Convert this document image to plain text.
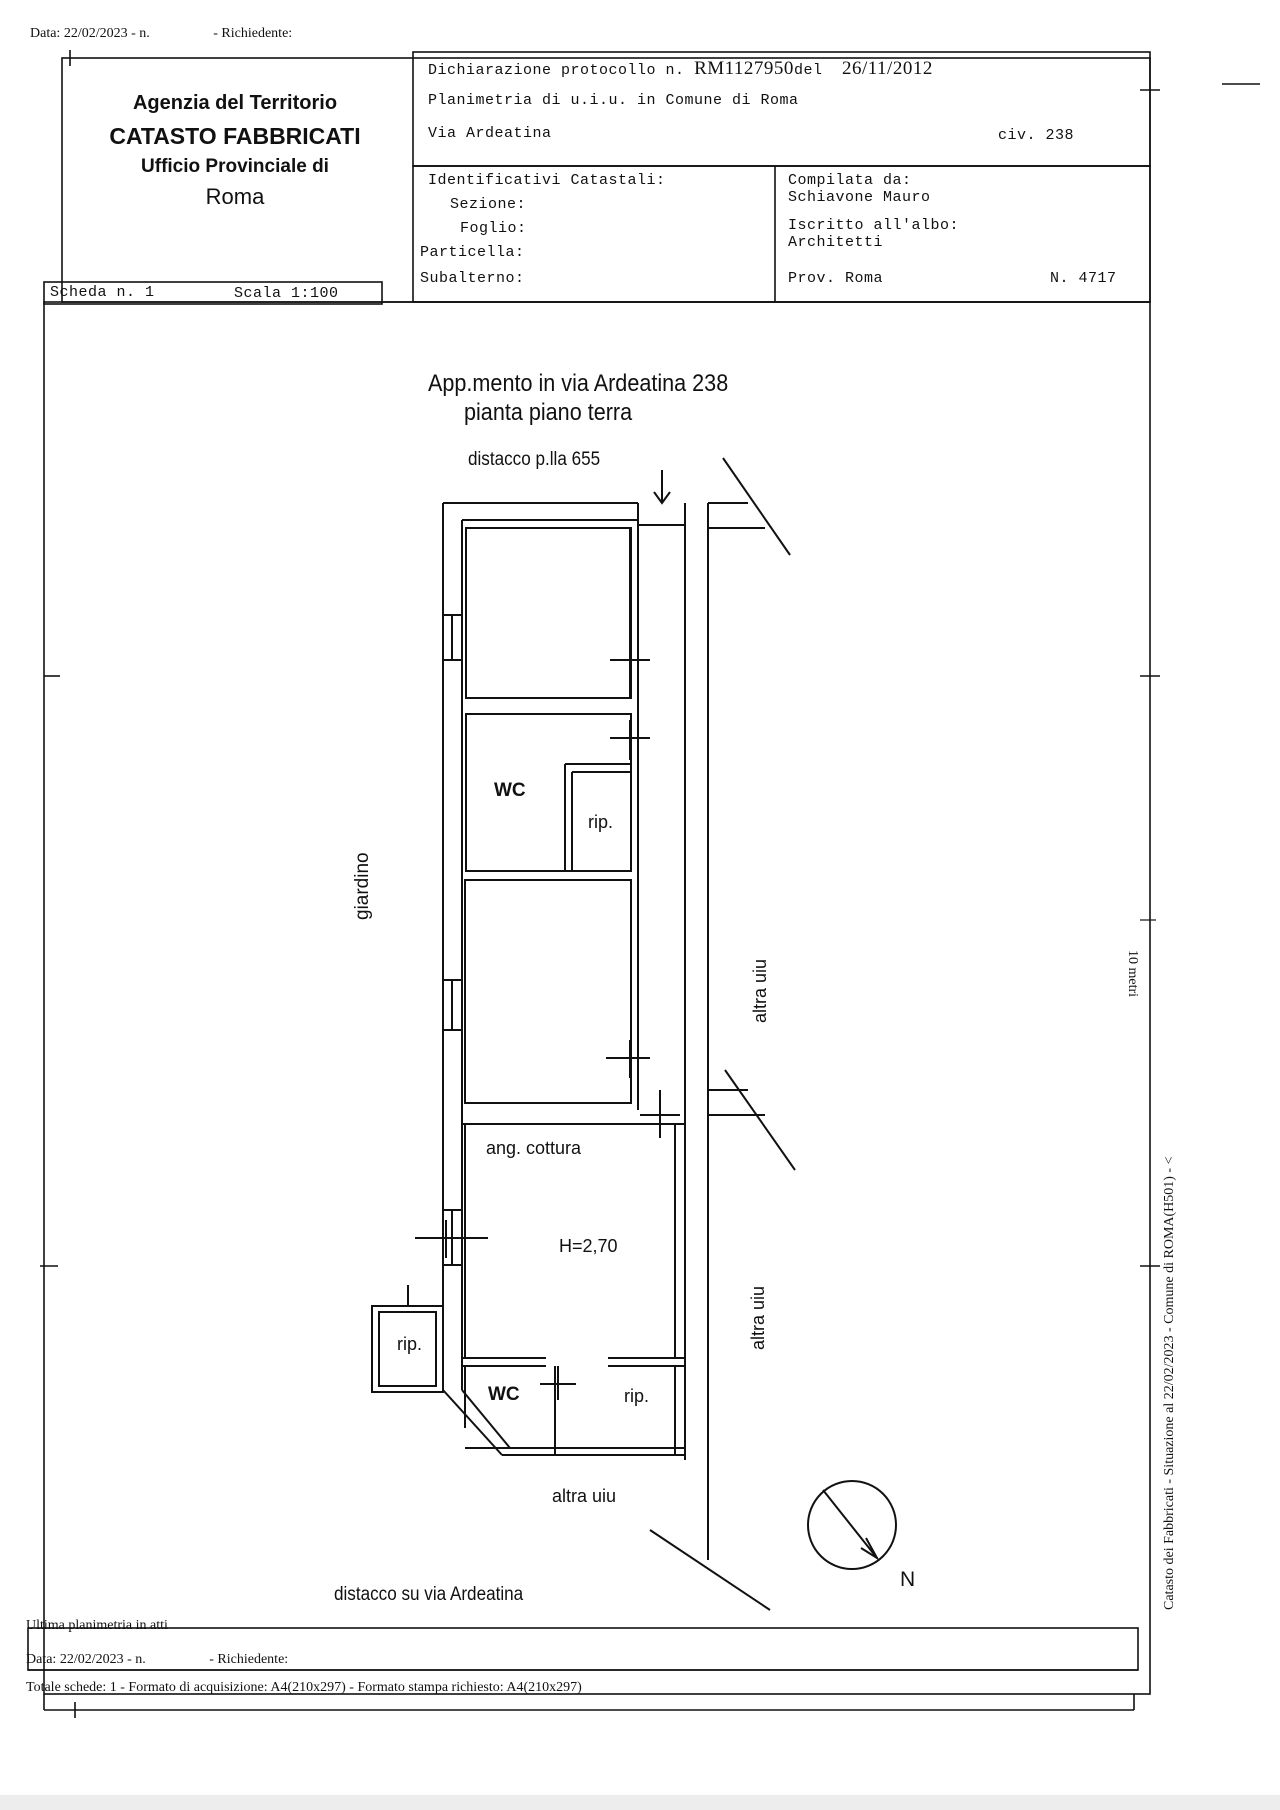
Data: 22/02/2023 - n.	- Richiedente:
Agenzia del Territorio
CATASTO FABBRICATI
Ufficio Provinciale di
Roma
Dichiarazione protocollo n. RM1127950del 26/11/2012
Planimetria di u.i.u. in Comune di Roma
Via Ardeatina	civ. 238
Identificativi Catastali:
Sezione:
Foglio:
Particella:
Subalterno:
Compilata da:
Schiavone Mauro
Iscritto all'albo:
Architetti
Prov. Roma	N. 4717
Scheda n. 1	Scala 1:100
App.mento in via Ardeatina 238
pianta piano terra
distacco p.lla 655
distacco su via Ardeatina
giardino
altra uiu
altra uiu
altra uiu
WC
WC
rip.
rip.
rip.
ang. cottura
H=2,70
N	Catasto dei Fabbricati - Situazione al 22/02/2023 - Comune di ROMA(H501) - <
10 metri
Ultima planimetria in atti
Data: 22/02/2023 - n.	- Richiedente:
Totale schede: 1 - Formato di acquisizione: A4(210x297) - Formato stampa richiesto: A4(210x297)
